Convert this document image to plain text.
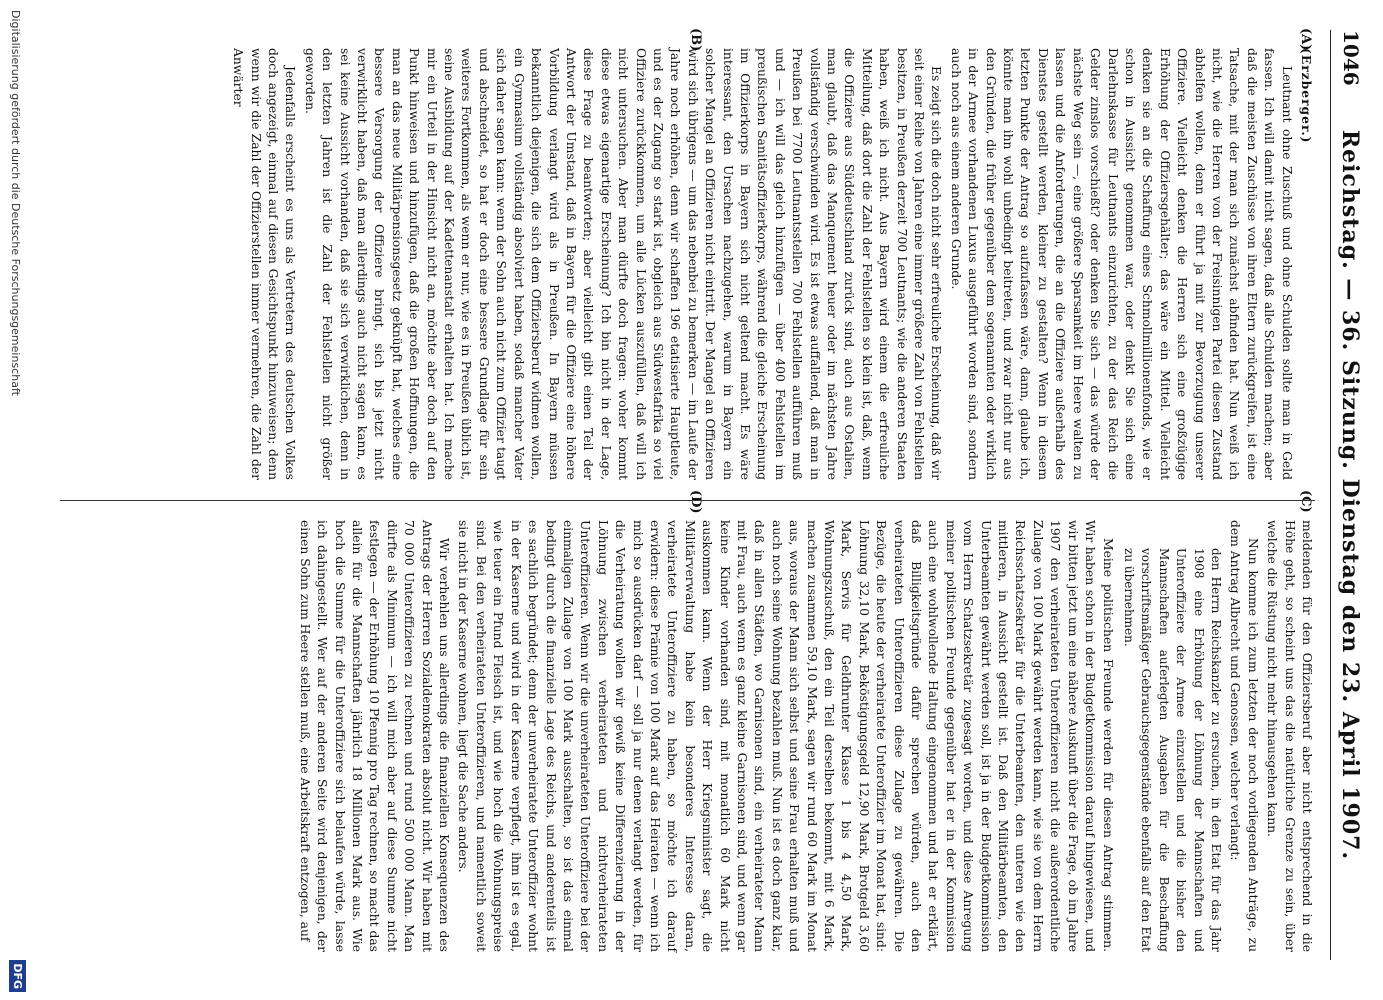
1046
Reichstag. — 36. Sitzung. Dienstag den 23. April 1907.
(A)
(B)
(C)
(D)

(Erzberger.)

Leutnant ohne Zuschuß und ohne Schulden sollte man in Geld fassen. Ich will damit nicht sagen, daß alle Schulden machen; aber daß die meisten Zuschüsse von ihren Eltern zurückgreifen, ist eine Tatsache, mit der man sich zunächst abfinden hat. Nun weiß ich nicht, wie die Herren von der Freisinnigen Partei diesen Zustand abhelfen wollen, denn er führt ja mit zur Bevorzugung unserer Offiziere. Vielleicht denken die Herren sich eine großzügige Erhöhung der Offiziersgehälter; das wäre ein Mittel. Vielleicht denken sie an die Schaffung eines Schmollmillionenfonds, wie er schon in Aussicht genommen war, oder denkt Sie sich eine Darlehnskasse für Leutnants einzurichten, zu der das Reich die Gelder zinslos vorschießt? oder denken Sie sich — das würde der nächste Weg sein —, eine größere Sparsamkeit im Heere walten zu lassen und die Anforderungen, die an die Offiziere außerhalb des Dienstes gestellt werden, kleiner zu gestalten? Wenn in diesem letzten Punkte der Antrag so aufzufassen wäre, dann, glaube ich, könnte man ihn wohl unbedingt beitreten, und zwar nicht nur aus den Gründen, die früher gegenüber dem sogenannten oder wirklich in der Armee vorhandenen Luxus ausgeführt worden sind, sondern auch noch aus einem anderen Grunde.

Es zeigt sich die doch nicht sehr erfreuliche Erscheinung, daß wir seit einer Reihe von Jahren eine immer größere Zahl von Fehlstellen besitzen, in Preußen derzeit 700 Leutnants; wie die anderen Staaten haben, weiß ich nicht. Aus Bayern wird einem die erfreuliche Mitteilung, daß dort die Zahl der Fehlstellen so klein ist, daß, wenn die Offiziere aus Süddeutschland zurück sind, auch aus Ostalien, man glaubt, daß das Manquement heuer oder im nächsten Jahre vollständig verschwinden wird. Es ist etwas auffallend, daß man in Preußen bei 7700 Leutnantsstellen 700 Fehlstellen aufführen muß und — ich will das gleich hinzufügen — über 400 Fehlstellen im preußischen Sanitätsoffizierkorps, während die gleiche Erscheinung im Offizierkorps in Bayern sich nicht geltend macht. Es wäre interessant, den Ursachen nachzugehen, warum in Bayern ein solcher Mangel an Offizieren nicht eintritt. Der Mangel an Offizieren wird sich übrigens — um das nebenbei zu bemerken — im Laufe der Jahre noch erhöhen, denn wir schaffen 196 etatisierte Hauptleute, und es der Zugang so stark ist, obgleich aus Südwestafrika so viel Offiziere zurückkommen, um alle Lücken auszufüllen, daß will ich nicht untersuchen. Aber man dürfte doch fragen: woher kommt diese etwas eigenartige Erscheinung? Ich bin nicht in der Lage, diese Frage zu beantworten; aber vielleicht gibt einen Teil der Antwort der Umstand, daß in Bayern für die Offiziere eine höhere Vorbildung verlangt wird als in Preußen. In Bayern müssen bekanntlich diejenigen, die sich dem Offiziersberuf widmen wollen, ein Gymnasium vollständig absolviert haben, sodaß mancher Vater sich daher sagen kann: wenn der Sohn auch nicht zum Offizier taugt und abschneidet, so hat er doch eine bessere Grundlage für sein weiteres Fortkommen, als wenn er nur, wie es in Preußen üblich ist, seine Ausbildung auf der Kadettenanstalt erhalten hat. Ich mache mir ein Urteil in der Hinsicht nicht an, möchte aber doch auf den Punkt hinweisen und hinzufügen, daß die großen Hoffnungen, die man an das neue Militärpensionsgesetz geknüpft hat, welches eine bessere Versorgung der Offiziere bringt, sich bis jetzt nicht verwirklicht haben, daß man allerdings auch nicht sagen kann, es sei keine Aussicht vorhanden, daß sie sich verwirklichen, denn in den letzten Jahren ist die Zahl der Fehlstellen nicht größer geworden.

Jedenfalls erscheint es uns als Vertretern des deutschen Volkes doch angezeigt, einmal auf diesen Gesichtspunkt hinzuweisen; denn wenn wir die Zahl der Offizierstellen immer vermehren, die Zahl der Anwärter

meldenden für den Offiziersberuf aber nicht entsprechend in die Höhe geht, so scheint uns das die natürliche Grenze zu sein, über welche die Rüstung nicht mehr hinausgehen kann.

Nun komme ich zum letzten der noch vorliegenden Anträge, zu dem Antrag Albrecht und Genossen, welcher verlangt:

den Herrn Reichskanzler zu ersuchen, in den Etat für das Jahr 1908 eine Erhöhung der Löhnung der Mannschaften und Unteroffiziere der Armee einzustellen und die bisher den Mannschaften auferlegten Ausgaben für die Beschaffung vorschriftsmäßiger Gebrauchsgegenstände ebenfalls auf den Etat zu übernehmen.

Meine politischen Freunde werden für diesen Antrag stimmen. Wir haben schon in der Budgetkommission darauf hingewiesen, und wir bitten jetzt um eine nähere Auskunft über die Frage, ob im Jahre 1907 den verheirateten Unteroffizieren nicht die außerordentliche Zulage von 100 Mark gewährt werden kann, wie sie von dem Herrn Reichsschatzsekretär für die Unterbeamten, den unteren wie den mittleren, in Aussicht gestellt ist. Daß den Militärbeamten, den Unterbeamten gewährt werden soll, ist ja in der Budgetkommission vom Herrn Schatzsekretär zugesagt worden, und diese Anregung meiner politischen Freunde gegenüber hat er in der Kommission auch eine wohlwollende Haltung eingenommen und hat er erklärt, daß Billigkeitsgründe dafür sprechen würden, auch den verheirateten Unteroffizieren diese Zulage zu gewähren. Die Bezüge, die heute der verheiratete Unteroffizier im Monat hat, sind: Löhnung 32,10 Mark, Beköstigungsgeld 12,90 Mark, Brotgeld 3,60 Mark, Servis für Geldhrunter Klasse 1 bis 4 4,50 Mark, Wohnungszuschuß, den ein Teil derselben bekommt, mit 6 Mark, machen zusammen 59,10 Mark, sagen wir rund 60 Mark im Monat aus, woraus der Mann sich selbst und seine Frau erhalten muß und auch noch seine Wohnung bezahlen muß. Nun ist es doch ganz klar, daß in allen Städten, wo Garnisonen sind, ein verheirateter Mann mit Frau, auch wenn es ganz kleine Garnisonen sind, und wenn gar keine Kinder vorhanden sind, mit monatlich 60 Mark nicht auskommen kann. Wenn der Herr Kriegsminister sagt, die Militärverwaltung habe kein besonderes Interesse daran, verheiratete Unteroffiziere zu haben, so möchte ich darauf erwidern: diese Prämie von 100 Mark auf das Heiraten — wenn ich mich so ausdrücken darf — soll ja nur denen verlangt werden, für die Verheiratung wollen wir gewiß keine Differenzierung in der Löhnung zwischen verheirateten und nichtverheirateten Unteroffizieren. Wenn wir die unverheirateten Unteroffiziere bei der einmaligen Zulage von 100 Mark ausschalten, so ist das einmal bedingt durch die finanzielle Lage des Reichs, und anderenteils ist es sachlich begründet; denn der unverheiratete Unteroffizier wohnt in der Kaserne und wird in der Kaserne verpflegt, ihm ist es egal, wie teuer ein Pfund Fleisch ist, und wie hoch die Wohnungspreise sind. Bei den verheirateten Unteroffizieren, und namentlich soweit sie nicht in der Kaserne wohnen, liegt die Sache anders.

Wir verhehlen uns allerdings die finanziellen Konsequenzen des Antrags der Herren Sozialdemokraten absolut nicht. Wir haben mit 70 000 Unteroffizieren zu rechnen und rund 500 000 Mann. Man dürfte als Minimum — ich will mich aber auf diese Summe nicht festlegen — der Erhöhung 10 Pfennig pro Tag rechnen, so macht das allein für die Mannschaften jährlich 18 Millionen Mark aus. Wie hoch die Summe für die Unteroffiziere sich belaufen würde, lasse ich dahingestellt. Wer auf der anderen Seite wird denjenigen, der einen Sohn zum Heere stellen muß, eine Arbeitskraft entzogen, auf

Digitalisierung gefördert durch die Deutsche Forschungsgemeinschaft
DFG
